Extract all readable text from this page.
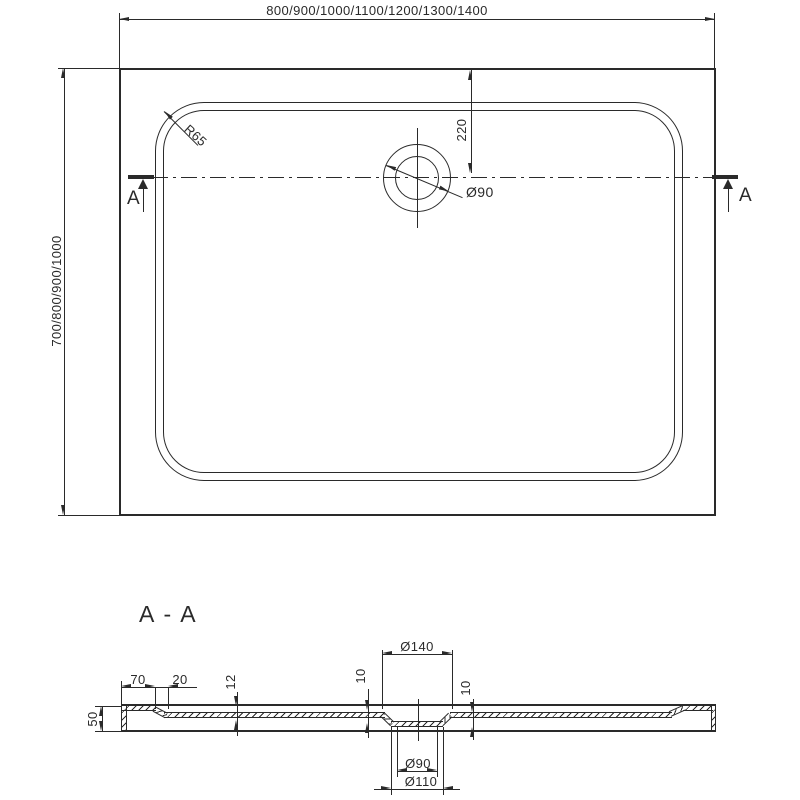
800/900/1000/1100/1200/1300/1400
700/800/900/1000
A	A
Ø90
R65	220
A - A
50
70 20	12	10
Ø140
10
Ø90
Ø110
